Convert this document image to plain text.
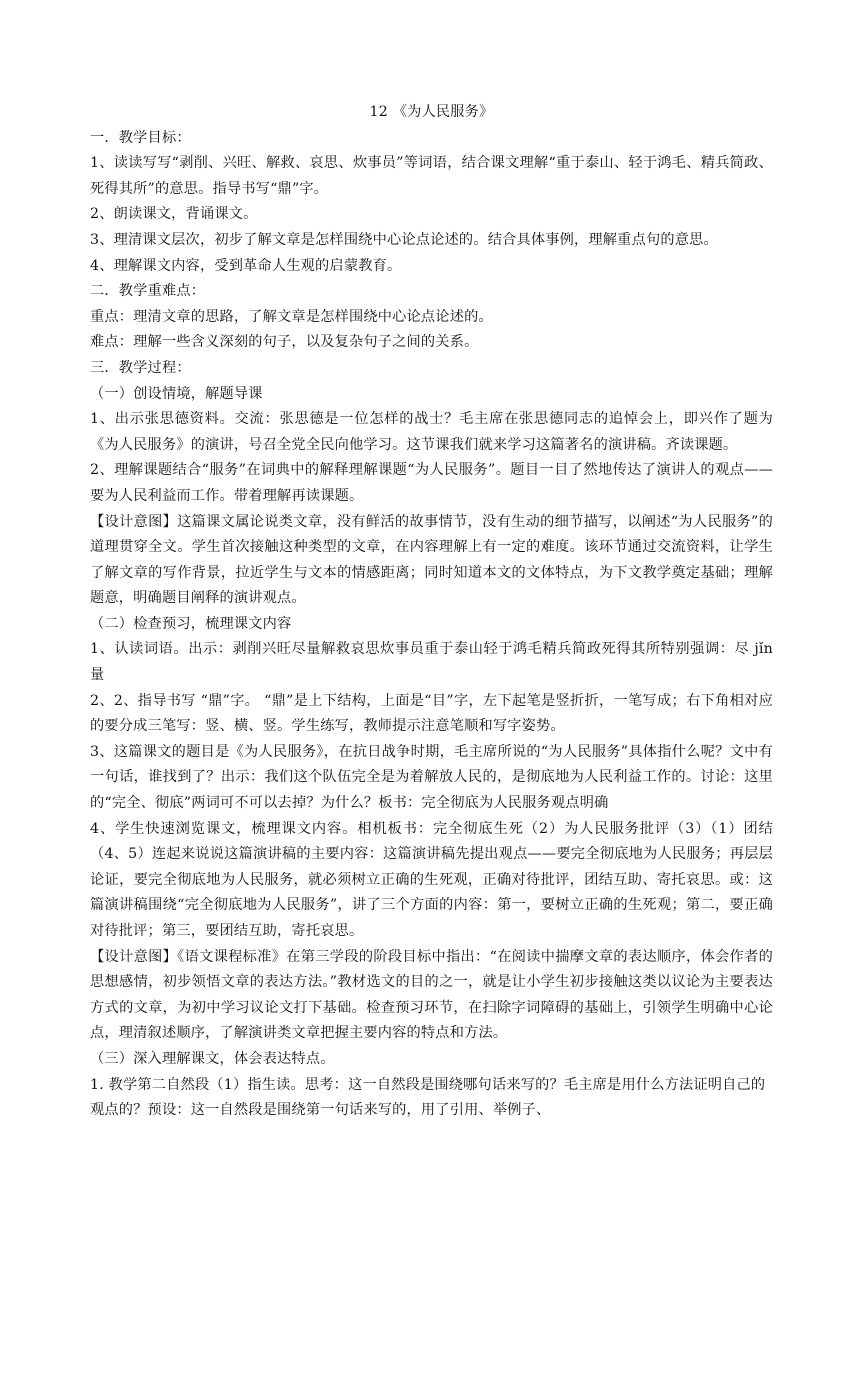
12 《为人民服务》

一．教学目标：

1、读读写写“剥削、兴旺、解救、哀思、炊事员”等词语，结合课文理解“重于泰山、轻于鸿毛、精兵简政、死得其所”的意思。指导书写“鼎”字。

2、朗读课文，背诵课文。

3、理清课文层次，初步了解文章是怎样围绕中心论点论述的。结合具体事例，理解重点句的意思。

4、理解课文内容，受到革命人生观的启蒙教育。

二．教学重难点：

重点：理清文章的思路，了解文章是怎样围绕中心论点论述的。

难点：理解一些含义深刻的句子，以及复杂句子之间的关系。

三．教学过程：

（一）创设情境，解题导课

1、出示张思德资料。交流：张思德是一位怎样的战士？毛主席在张思德同志的追悼会上，即兴作了题为《为人民服务》的演讲，号召全党全民向他学习。这节课我们就来学习这篇著名的演讲稿。齐读课题。

2、理解课题结合“服务”在词典中的解释理解课题“为人民服务”。题目一目了然地传达了演讲人的观点——要为人民利益而工作。带着理解再读课题。

【设计意图】这篇课文属论说类文章，没有鲜活的故事情节，没有生动的细节描写，以阐述“为人民服务”的道理贯穿全文。学生首次接触这种类型的文章，在内容理解上有一定的难度。该环节通过交流资料，让学生了解文章的写作背景，拉近学生与文本的情感距离；同时知道本文的文体特点，为下文教学奠定基础；理解题意，明确题目阐释的演讲观点。

（二）检查预习，梳理课文内容

1、认读词语。出示：剥削兴旺尽量解救哀思炊事员重于泰山轻于鸿毛精兵简政死得其所特别强调：尽 jǐn 量

2、2、指导书写 “鼎”字。 “鼎”是上下结构，上面是“目”字，左下起笔是竖折折，一笔写成；右下角相对应的要分成三笔写：竖、横、竖。学生练写，教师提示注意笔顺和写字姿势。

3、这篇课文的题目是《为人民服务》，在抗日战争时期，毛主席所说的“为人民服务”具体指什么呢？文中有一句话，谁找到了？出示：我们这个队伍完全是为着解放人民的，是彻底地为人民利益工作的。讨论：这里的“完全、彻底”两词可不可以去掉？为什么？板书：完全彻底为人民服务观点明确

4、学生快速浏览课文，梳理课文内容。相机板书：完全彻底生死（2）为人民服务批评（3）（1）团结（4、5）连起来说说这篇演讲稿的主要内容：这篇演讲稿先提出观点——要完全彻底地为人民服务；再层层论证，要完全彻底地为人民服务，就必须树立正确的生死观，正确对待批评，团结互助、寄托哀思。或：这篇演讲稿围绕“完全彻底地为人民服务”，讲了三个方面的内容：第一，要树立正确的生死观；第二，要正确对待批评；第三，要团结互助，寄托哀思。

【设计意图】《语文课程标准》在第三学段的阶段目标中指出：“在阅读中揣摩文章的表达顺序，体会作者的思想感情，初步领悟文章的表达方法。”教材选文的目的之一，就是让小学生初步接触这类以议论为主要表达方式的文章，为初中学习议论文打下基础。检查预习环节，在扫除字词障碍的基础上，引领学生明确中心论点，理清叙述顺序，了解演讲类文章把握主要内容的特点和方法。

（三）深入理解课文，体会表达特点。

1. 教学第二自然段（1）指生读。思考：这一自然段是围绕哪句话来写的？毛主席是用什么方法证明自己的观点的？预设：这一自然段是围绕第一句话来写的，用了引用、举例子、
